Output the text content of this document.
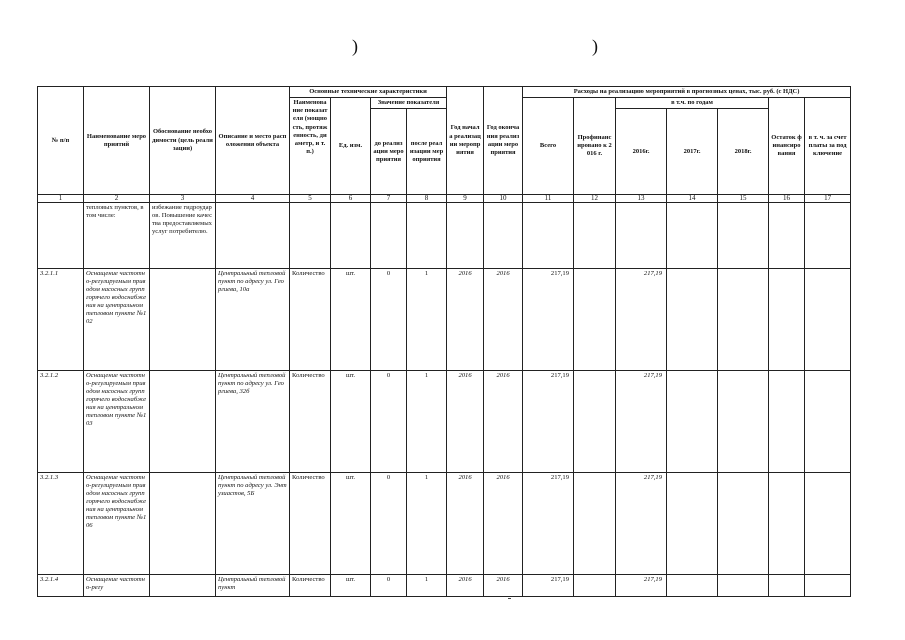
)	)
№ п/п	Наименование мероприятий	Обоснование необходимости (цель реализации)	Описание и место расположения объекта	Основные технические характеристики				Год начала реализации мероприятия	Год окончания реализации мероприятия	Расходы на реализацию мероприятий в прогнозных ценах, тыс. руб. (с НДС)						
				Наименование показателя (мощность, протяженность, диаметр, и т.п.)	Ед. изм.	Значение показателя				Всего	Профинансировано к 2016 г.	в т.ч. по годам			Остаток финансирования	в т. ч. за счет платы за подключение
						до реализации мероприятия	после реализации мероприятия					2016г.	2017г.	2018г.		
1	2	3	4	5	6	7	8	9	10	11	12	13	14	15	16	17
	тепловых пунктов, в том числе:	избежание гидроударов. Повышение качества предоставляемых услуг потребителю.														
3.2.1.1	Оснащение частотно-регулируемым приводом насосных групп горячего водоснабжения на центральном тепловом пункте №102		Центральный тепловой пункт по адресу ул. Георгиева, 10а	Количество	шт.	0	1	2016	2016	217,19		217,19				
3.2.1.2	Оснащение частотно-регулируемым приводом насосных групп горячего водоснабжения на центральном тепловом пункте №103		Центральный тепловой пункт по адресу ул. Георгиева, 32б	Количество	шт.	0	1	2016	2016	217,19		217,19				
3.2.1.3	Оснащение частотно-регулируемым приводом насосных групп горячего водоснабжения на центральном тепловом пункте №106		Центральный тепловой пункт по адресу ул. Энтузиастов, 5Б	Количество	шт.	0	1	2016	2016	217,19		217,19				
3.2.1.4	Оснащение частотно-регу		Центральный тепловой пункт	Количество	шт.	0	1	2016	2016	217,19		217,19				
